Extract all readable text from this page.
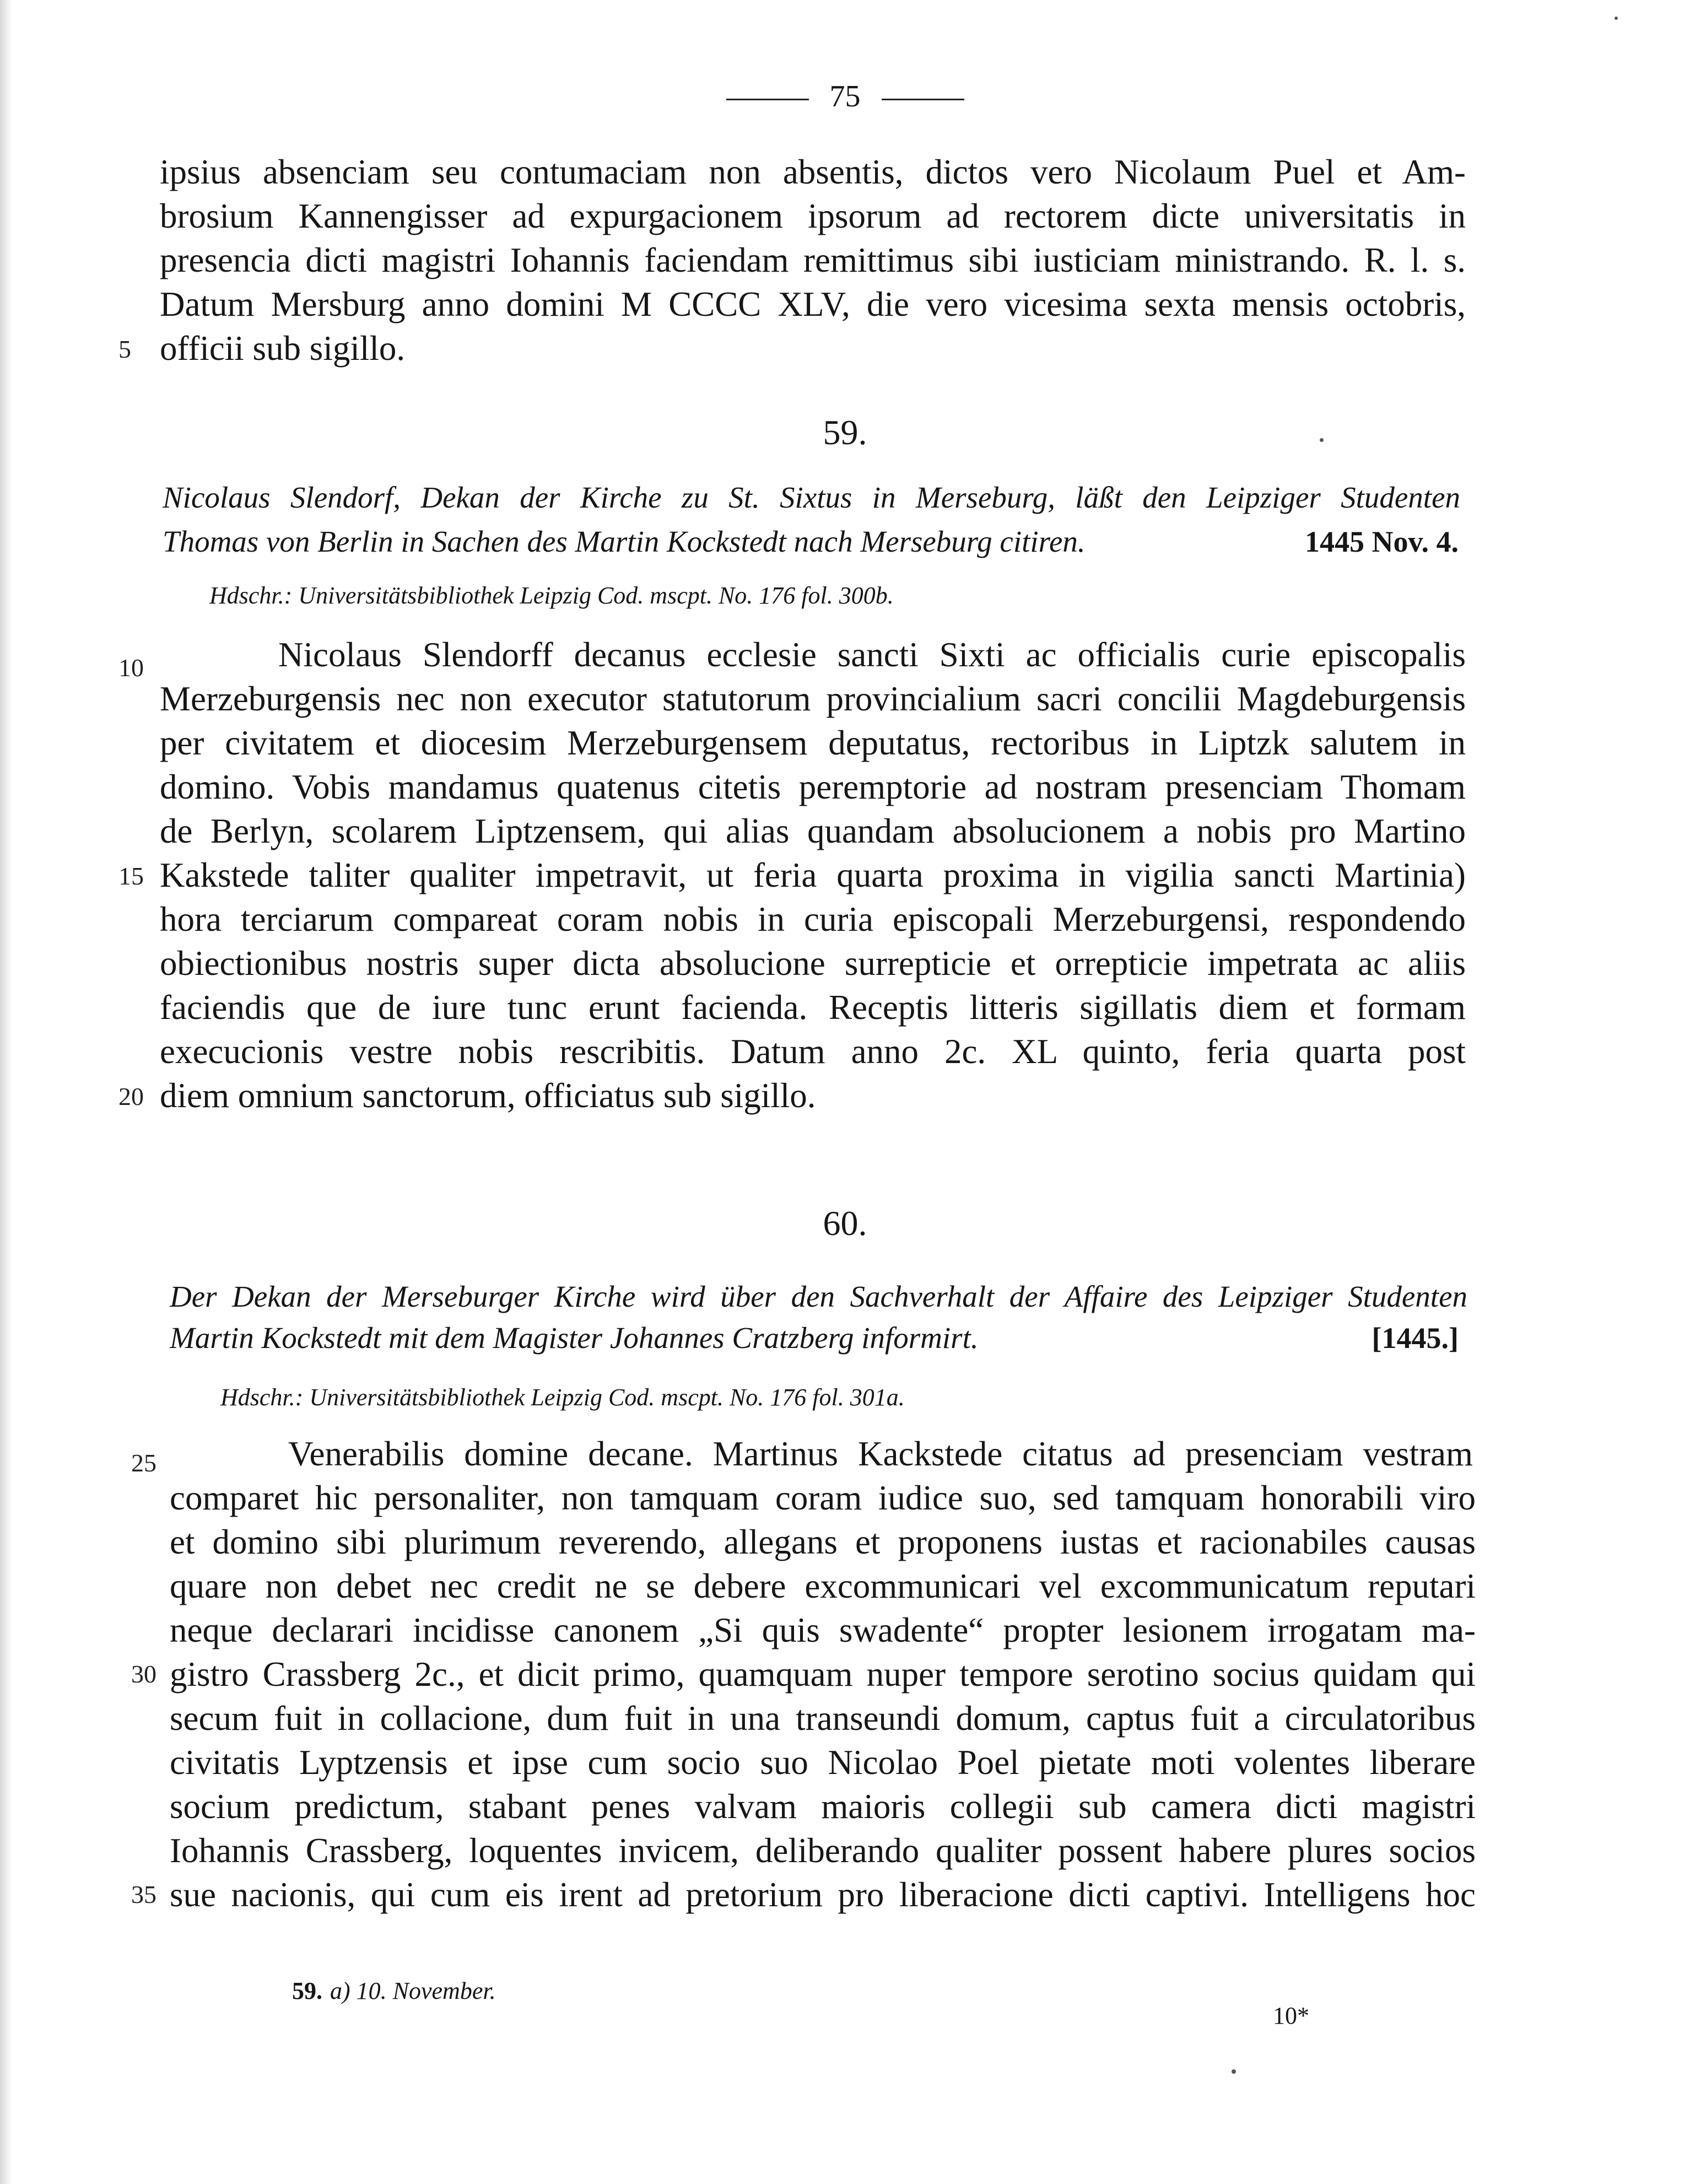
75
ipsius absenciam seu contumaciam non absentis, dictos vero Nicolaum Puel et Am-
brosium Kannengisser ad expurgacionem ipsorum ad rectorem dicte universitatis in
presencia dicti magistri Iohannis faciendam remittimus sibi iusticiam ministrando. R. l. s.
Datum Mersburg anno domini M CCCC XLV, die vero vicesima sexta mensis octobris,
5 officii sub sigillo.
59.
Nicolaus Slendorf, Dekan der Kirche zu St. Sixtus in Merseburg, läßt den Leipziger Studenten
Thomas von Berlin in Sachen des Martin Kockstedt nach Merseburg citiren.	1445 Nov. 4.
Hdschr.: Universitätsbibliothek Leipzig Cod. mscpt. No. 176 fol. 300b.
10	Nicolaus Slendorff decanus ecclesie sancti Sixti ac officialis curie episcopalis
Merzeburgensis nec non executor statutorum provincialium sacri concilii Magdeburgensis
per civitatem et diocesim Merzeburgensem deputatus, rectoribus in Liptzk salutem in
domino. Vobis mandamus quatenus citetis peremptorie ad nostram presenciam Thomam
de Berlyn, scolarem Liptzensem, qui alias quandam absolucionem a nobis pro Martino
15 Kakstede taliter qualiter impetravit, ut feria quarta proxima in vigilia sancti Martinia)
hora terciarum compareat coram nobis in curia episcopali Merzeburgensi, respondendo
obiectionibus nostris super dicta absolucione surrepticie et orrepticie impetrata ac aliis
faciendis que de iure tunc erunt facienda. Receptis litteris sigillatis diem et formam
execucionis vestre nobis rescribitis. Datum anno 2c. XL quinto, feria quarta post
20 diem omnium sanctorum, officiatus sub sigillo.
60.
Der Dekan der Merseburger Kirche wird über den Sachverhalt der Affaire des Leipziger Studenten
Martin Kockstedt mit dem Magister Johannes Cratzberg informirt.	[1445.]
Hdschr.: Universitätsbibliothek Leipzig Cod. mscpt. No. 176 fol. 301a.
25	Venerabilis domine decane. Martinus Kackstede citatus ad presenciam vestram
comparet hic personaliter, non tamquam coram iudice suo, sed tamquam honorabili viro
et domino sibi plurimum reverendo, allegans et proponens iustas et racionabiles causas
quare non debet nec credit ne se debere excommunicari vel excommunicatum reputari
neque declarari incidisse canonem „Si quis swadente“ propter lesionem irrogatam ma-
30 gistro Crassberg 2c., et dicit primo, quamquam nuper tempore serotino socius quidam qui
secum fuit in collacione, dum fuit in una transeundi domum, captus fuit a circulatoribus
civitatis Lyptzensis et ipse cum socio suo Nicolao Poel pietate moti volentes liberare
socium predictum, stabant penes valvam maioris collegii sub camera dicti magistri
Iohannis Crassberg, loquentes invicem, deliberando qualiter possent habere plures socios
35 sue nacionis, qui cum eis irent ad pretorium pro liberacione dicti captivi. Intelligens hoc
59. a) 10. November.
10*
